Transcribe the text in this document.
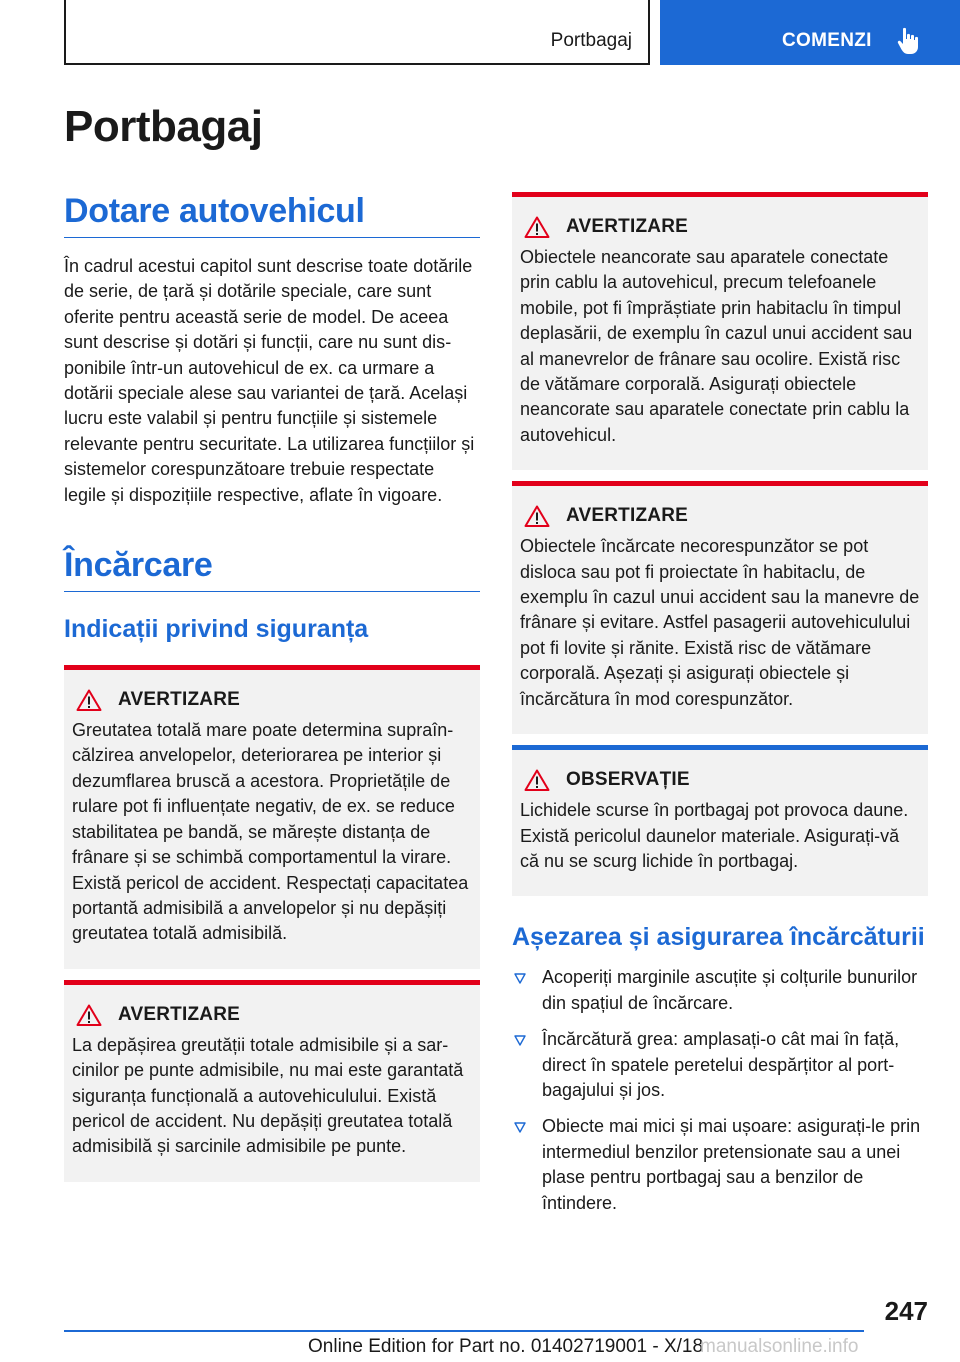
Portbagaj	COMENZI
Portbagaj
Dotare autovehicul

În cadrul acestui capitol sunt descrise toate dotările de serie, de țară și dotările speciale, care sunt oferite pentru această serie de model. De aceea sunt descrise și dotări și funcții, care nu sunt disponibile într-un autovehicul de ex. ca urmare a dotării speciale alese sau variantei de țară. Același lucru este valabil și pentru funcțiile și sistemele relevante pentru securitate. La utilizarea funcțiilor și sistemelor corespunzătoare trebuie respectate legile și dispozițiile respective, aflate în vigoare.

Încărcare
Indicații privind siguranța
AVERTIZARE

Greutatea totală mare poate determina supraîncălzirea anvelopelor, deteriorarea pe interior și dezumflarea bruscă a acestora. Proprietățile de rulare pot fi influențate negativ, de ex. se reduce stabilitatea pe bandă, se mărește distanța de frânare și se schimbă comportamentul la virare. Există pericol de accident. Respectați capacitatea portantă admisibilă a anvelopelor și nu depășiți greutatea totală admisibilă.

AVERTIZARE

La depășirea greutății totale admisibile și a sarcinilor pe punte admisibile, nu mai este garantată siguranța funcțională a autovehiculului. Există pericol de accident. Nu depășiți greutatea totală admisibilă și sarcinile admisibile pe punte.

AVERTIZARE

Obiectele neancorate sau aparatele conectate prin cablu la autovehicul, precum telefoanele mobile, pot fi împrăștiate prin habitaclu în timpul deplasării, de exemplu în cazul unui accident sau al manevrelor de frânare sau ocolire. Există risc de vătămare corporală. Asigurați obiectele neancorate sau aparatele conectate prin cablu la autovehicul.

AVERTIZARE

Obiectele încărcate necorespunzător se pot disloca sau pot fi proiectate în habitaclu, de exemplu în cazul unui accident sau la manevre de frânare și evitare. Astfel pasagerii autovehiculului pot fi lovite și rănite. Există risc de vătămare corporală. Așezați și asigurați obiectele și încărcătura în mod corespunzător.

OBSERVAȚIE

Lichidele scurse în portbagaj pot provoca daune. Există pericolul daunelor materiale. Asigurați-vă că nu se scurg lichide în portbagaj.

Așezarea și asigurarea încărcăturii
Acoperiți marginile ascuțite și colțurile bunurilor din spațiul de încărcare.
Încărcătură grea: amplasați-o cât mai în față, direct în spatele peretelui despărțitor al portbagajului și jos.
Obiecte mai mici și mai ușoare: asigurați-le prin intermediul benzilor pretensionate sau a unei plase pentru portbagaj sau a benzilor de întindere.
247
Online Edition for Part no. 01402719001 - X/18
manualsonline.info
